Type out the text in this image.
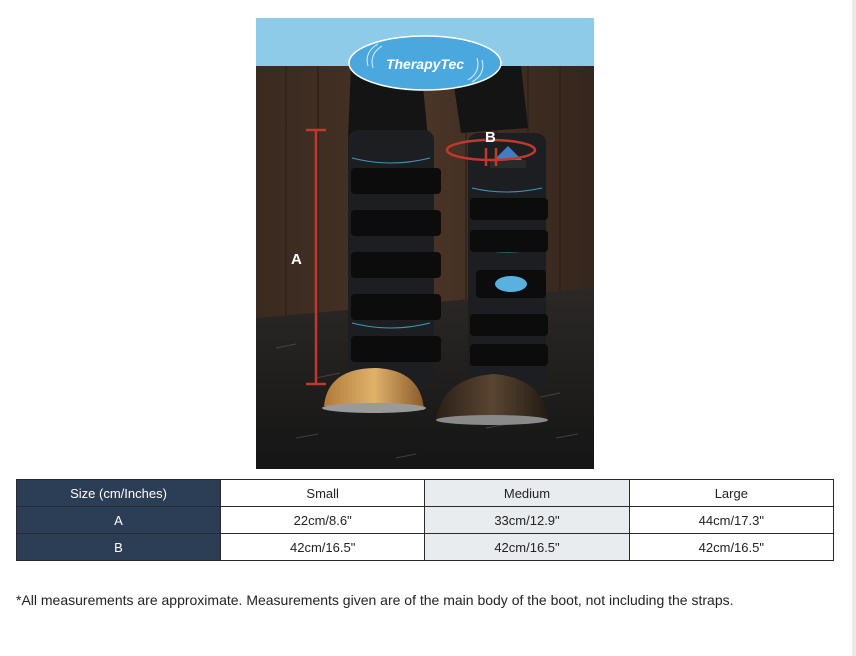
A
B
TherapyTec
Size (cm/Inches)	Small	Medium	Large
A	22cm/8.6"	33cm/12.9"	44cm/17.3"
B	42cm/16.5"	42cm/16.5"	42cm/16.5"
*All measurements are approximate. Measurements given are of the main body of the boot, not including the straps.
